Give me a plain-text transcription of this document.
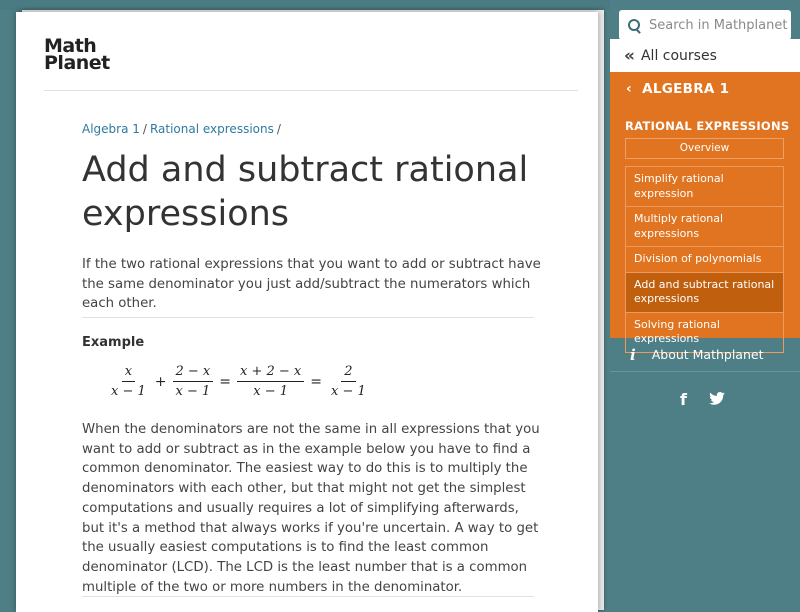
Math
Planet
Algebra 1 / Rational expressions /
Add and subtract rational expressions

If the two rational expressions that you want to add or subtract have the same denominator you just add/subtract the numerators which each other.

Example
$\frac{x}{x - 1} + \frac{2 - x}{x - 1} = \frac{x + 2 - x}{x - 1} = \frac{2}{x - 1}$

When the denominators are not the same in all expressions that you want to add or subtract as in the example below you have to find a common denominator. The easiest way to do this is to multiply the denominators with each other, but that might not get the simplest computations and usually requires a lot of simplifying afterwards, but it's a method that always works if you're uncertain. A way to get the usually easiest computations is to find the least common denominator (LCD). The LCD is the least number that is a common multiple of the two or more numbers in the denominator.

Search in Mathplanet
« All courses
‹ ALGEBRA 1
RATIONAL EXPRESSIONS
Overview
Simplify rational expression
Multiply rational expressions
Division of polynomials
Add and subtract rational expressions
Solving rational expressions
i About Mathplanet
f
